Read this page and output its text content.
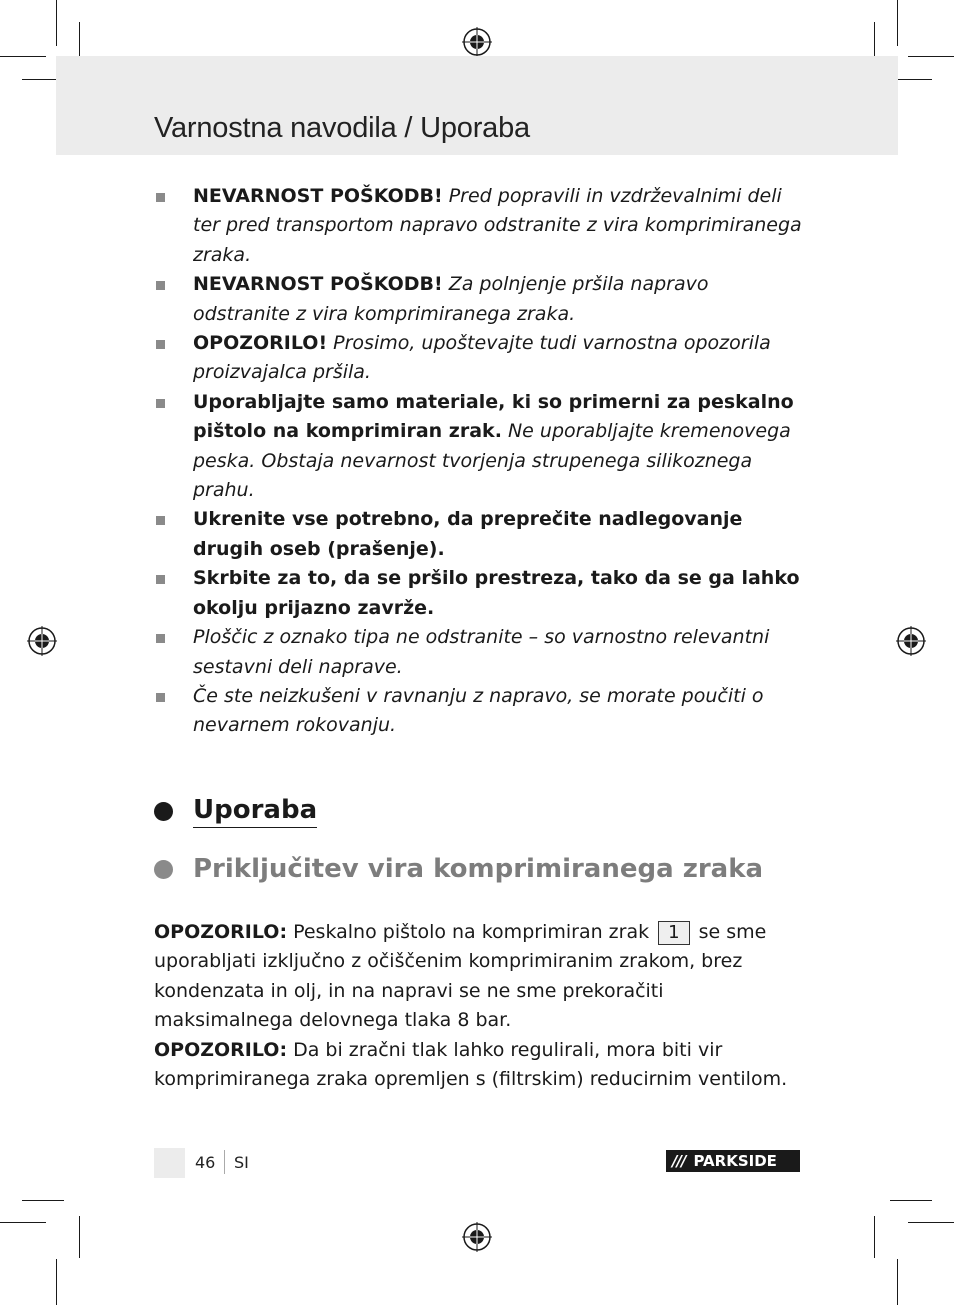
Varnostna navodila / Uporaba
NEVARNOST POŠKODB! Pred popravili in vzdrževalnimi deli ter pred transportom napravo odstranite z vira komprimiranega zraka.
NEVARNOST POŠKODB! Za polnjenje pršila napravo odstranite z vira komprimiranega zraka.
OPOZORILO! Prosimo, upoštevajte tudi varnostna opozorila proizvajalca pršila.
Uporabljajte samo materiale, ki so primerni za peskalno pištolo na komprimiran zrak. Ne uporabljajte kremenovega peska. Obstaja nevarnost tvorjenja strupenega silikoznega prahu.
Ukrenite vse potrebno, da preprečite nadlegovanje drugih oseb (prašenje).
Skrbite za to, da se pršilo prestreza, tako da se ga lahko okolju prijazno zavrže.
Ploščic z oznako tipa ne odstranite – so varnostno relevantni sestavni deli naprave.
Če ste neizkušeni v ravnanju z napravo, se morate poučiti o nevarnem rokovanju.
Uporaba
Priključitev vira komprimiranega zraka

OPOZORILO: Peskalno pištolo na komprimiran zrak 1 se sme uporabljati izključno z očiščenim komprimiranim zrakom, brez kondenzata in olj, in na napravi se ne sme prekoračiti maksimalnega delovnega tlaka 8 bar.

OPOZORILO: Da bi zračni tlak lahko regulirali, mora biti vir komprimiranega zraka opremljen s (filtrskim) reducirnim ventilom.

46 SI	/// PARKSIDE
